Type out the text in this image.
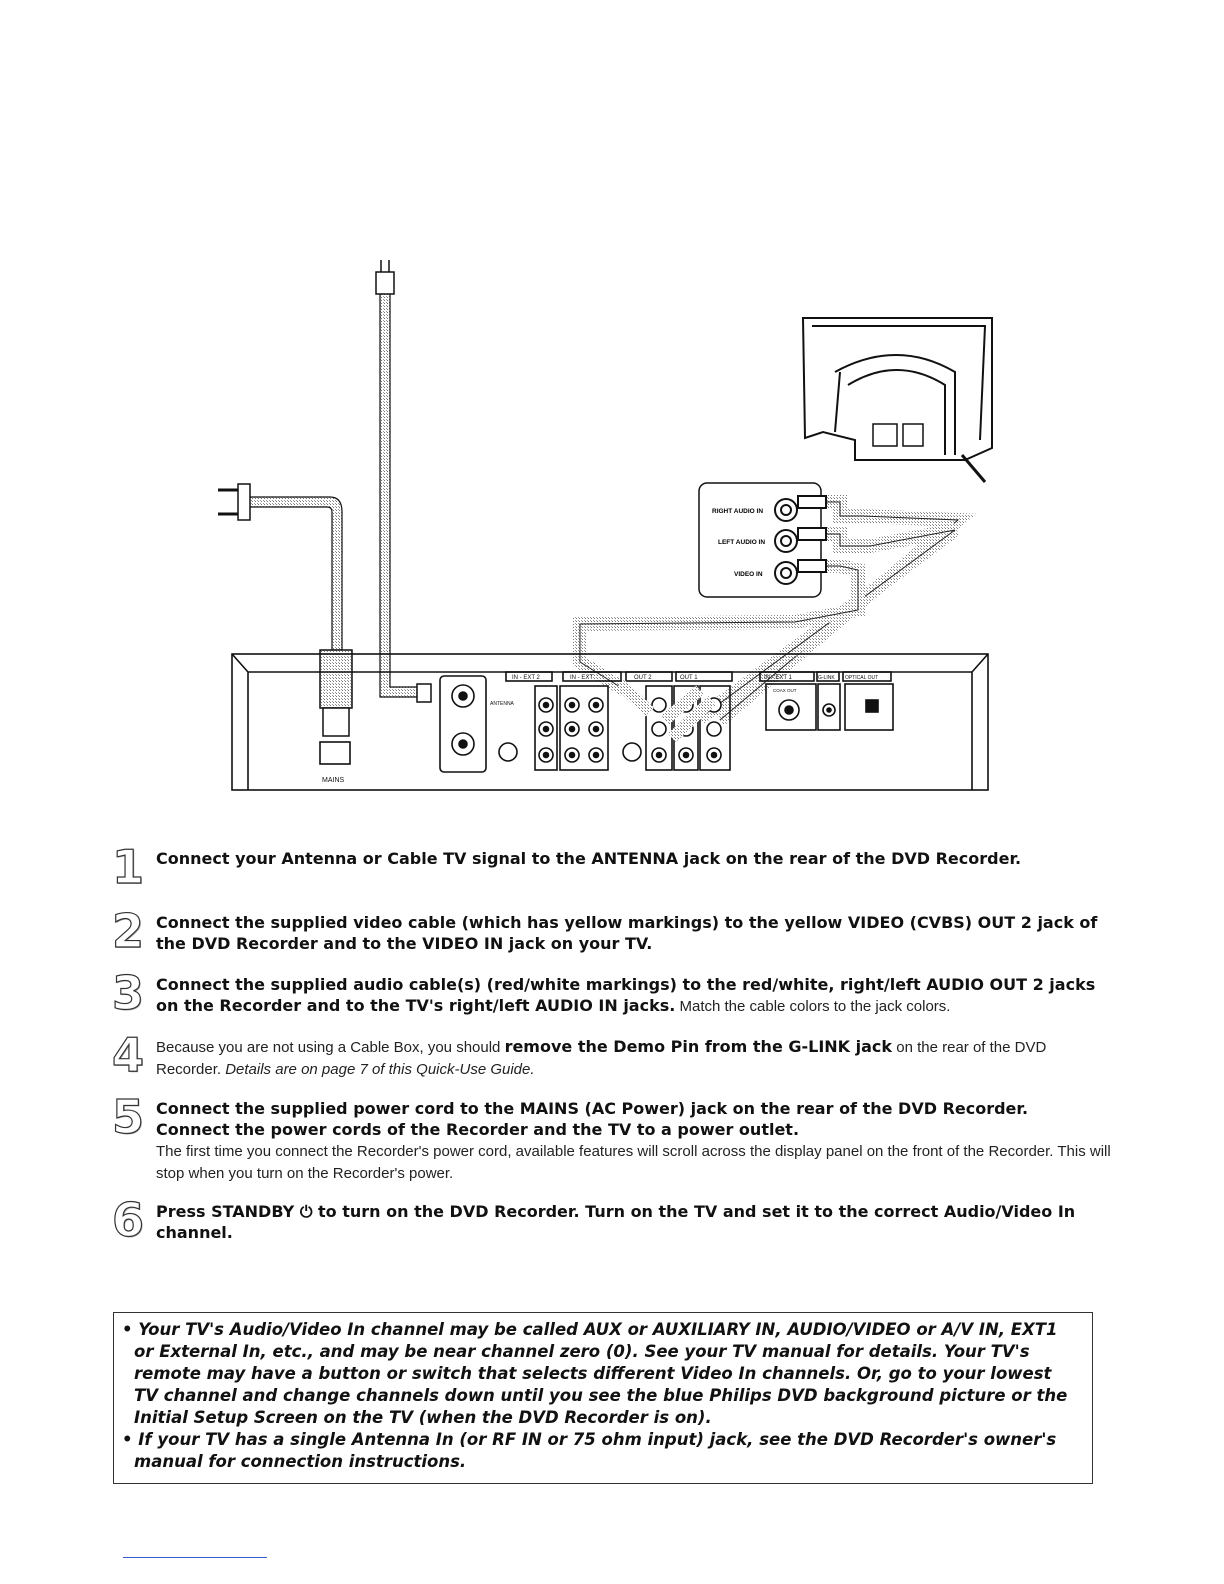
RIGHT AUDIO IN
LEFT AUDIO IN
VIDEO IN
ANTENNA
IN - EXT 2	IN - EXT	OUT 2	OUT 1	IN - EXT 1	G-LINK OPTICAL OUT
COAX OUT
MAINS
1 Connect your Antenna or Cable TV signal to the ANTENNA jack on the rear of the DVD Recorder.
2 Connect the supplied video cable (which has yellow markings) to the yellow VIDEO (CVBS) OUT 2 jack of the DVD Recorder and to the VIDEO IN jack on your TV.
3 Connect the supplied audio cable(s) (red/white markings) to the red/white, right/left AUDIO OUT 2 jacks on the Recorder and to the TV's right/left AUDIO IN jacks. Match the cable colors to the jack colors.
4 Because you are not using a Cable Box, you should remove the Demo Pin from the G-LINK jack on the rear of the DVD Recorder. Details are on page 7 of this Quick-Use Guide.
5 Connect the supplied power cord to the MAINS (AC Power) jack on the rear of the DVD Recorder.
Connect the power cords of the Recorder and the TV to a power outlet.
The first time you connect the Recorder's power cord, available features will scroll across the display panel on the front of the Recorder. This will stop when you turn on the Recorder's power.
6 Press STANDBY ⏻ to turn on the DVD Recorder. Turn on the TV and set it to the correct Audio/Video In channel.

• Your TV's Audio/Video In channel may be called AUX or AUXILIARY IN, AUDIO/VIDEO or A/V IN, EXT1 or External In, etc., and may be near channel zero (0). See your TV manual for details. Your TV's remote may have a button or switch that selects different Video In channels. Or, go to your lowest TV channel and change channels down until you see the blue Philips DVD background picture or the Initial Setup Screen on the TV (when the DVD Recorder is on).

• If your TV has a single Antenna In (or RF IN or 75 ohm input) jack, see the DVD Recorder's owner's manual for connection instructions.
